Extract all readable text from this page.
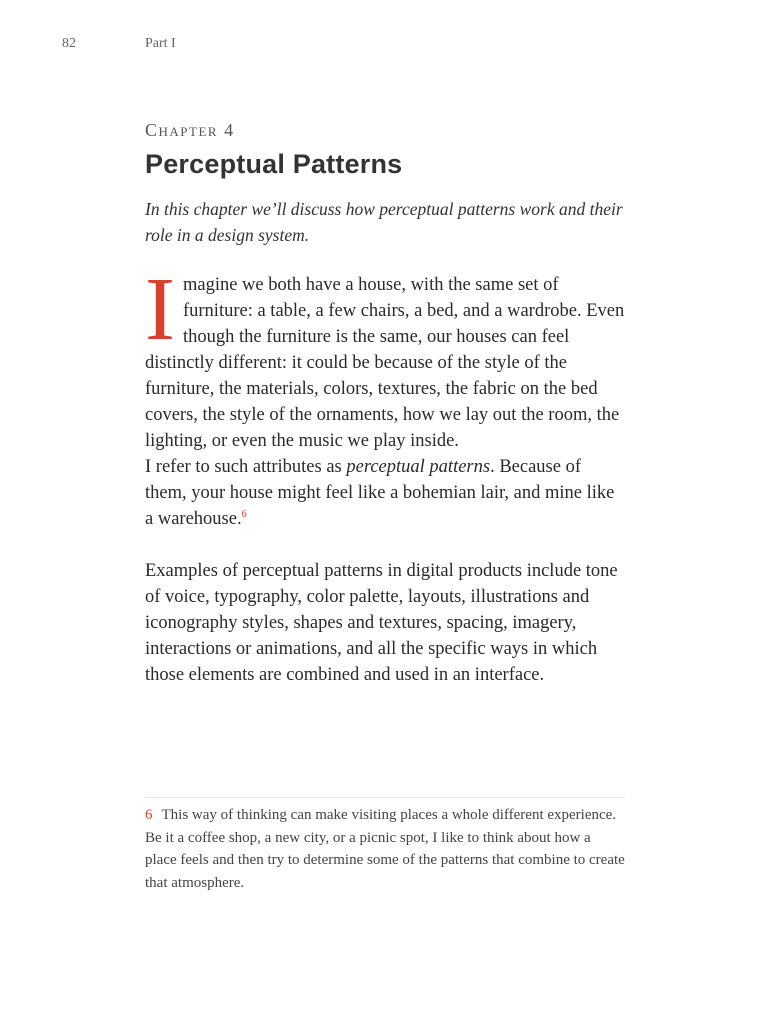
82	Part I
Chapter 4
Perceptual Patterns

In this chapter we’ll discuss how perceptual patterns work and their role in a design system.

Imagine we both have a house, with the same set of furniture: a table, a few chairs, a bed, and a wardrobe. Even though the furniture is the same, our houses can feel distinctly different: it could be because of the style of the furniture, the materials, colors, textures, the fabric on the bed covers, the style of the ornaments, how we lay out the room, the lighting, or even the music we play inside.
I refer to such attributes as perceptual patterns. Because of them, your house might feel like a bohemian lair, and mine like a warehouse.$^6$

Examples of perceptual patterns in digital products include tone of voice, typography, color palette, layouts, illustrations and iconography styles, shapes and textures, spacing, imagery, interactions or animations, and all the specific ways in which those elements are combined and used in an interface.

6 This way of thinking can make visiting places a whole different experience. Be it a coffee shop, a new city, or a picnic spot, I like to think about how a place feels and then try to determine some of the patterns that combine to create that atmosphere.
